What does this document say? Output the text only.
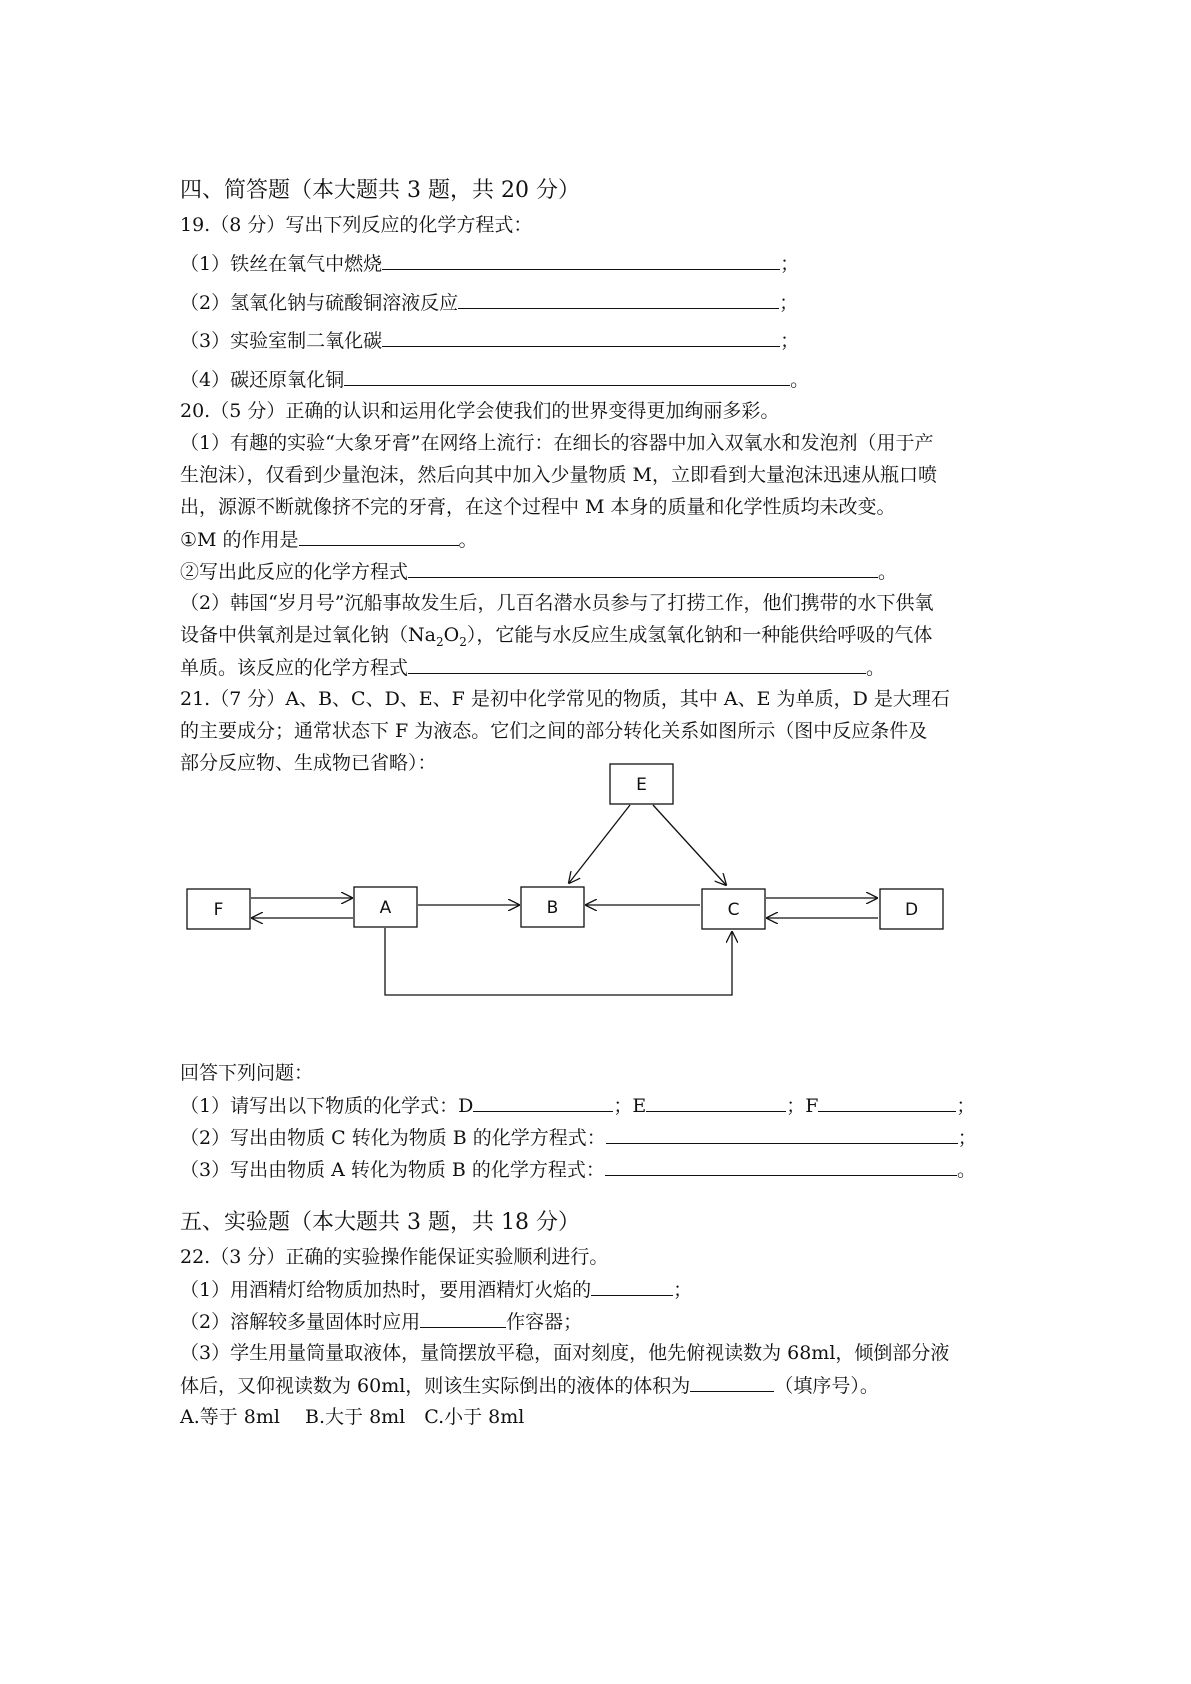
四、简答题（本大题共 3 题，共 20 分）
19.（8 分）写出下列反应的化学方程式：
（1）铁丝在氧气中燃烧	；
（2）氢氧化钠与硫酸铜溶液反应	；
（3）实验室制二氧化碳	；
（4）碳还原氧化铜	。
20.（5 分）正确的认识和运用化学会使我们的世界变得更加绚丽多彩。
（1）有趣的实验“大象牙膏”在网络上流行：在细长的容器中加入双氧水和发泡剂（用于产
生泡沫），仅看到少量泡沫，然后向其中加入少量物质 M，立即看到大量泡沫迅速从瓶口喷
出，源源不断就像挤不完的牙膏，在这个过程中 M 本身的质量和化学性质均未改变。
①M 的作用是	。
②写出此反应的化学方程式	。
（2）韩国“岁月号”沉船事故发生后，几百名潜水员参与了打捞工作，他们携带的水下供氧
设备中供氧剂是过氧化钠$(Na_2O_2)$，它能与水反应生成氢氧化钠和一种能供给呼吸的气体
单质。该反应的化学方程式	。
21.（7 分）A、B、C、D、E、F 是初中化学常见的物质，其中 A、E 为单质，D 是大理石
的主要成分；通常状态下 F 为液态。它们之间的部分转化关系如图所示（图中反应条件及
部分反应物、生成物已省略）：
E
F	A	B	C	D
回答下列问题：
（1）请写出以下物质的化学式：D	；E	；F	；
（2）写出由物质 C 转化为物质 B 的化学方程式：	；
（3）写出由物质 A 转化为物质 B 的化学方程式：	。
五、实验题（本大题共 3 题，共 18 分）
22.（3 分）正确的实验操作能保证实验顺利进行。
（1）用酒精灯给物质加热时，要用酒精灯火焰的	；
（2）溶解较多量固体时应用	作容器；
（3）学生用量筒量取液体，量筒摆放平稳，面对刻度，他先俯视读数为 68ml，倾倒部分液
体后，又仰视读数为 60ml，则该生实际倒出的液体的体积为	（填序号）。
A.等于 8ml　 B.大于 8ml　C.小于 8ml
